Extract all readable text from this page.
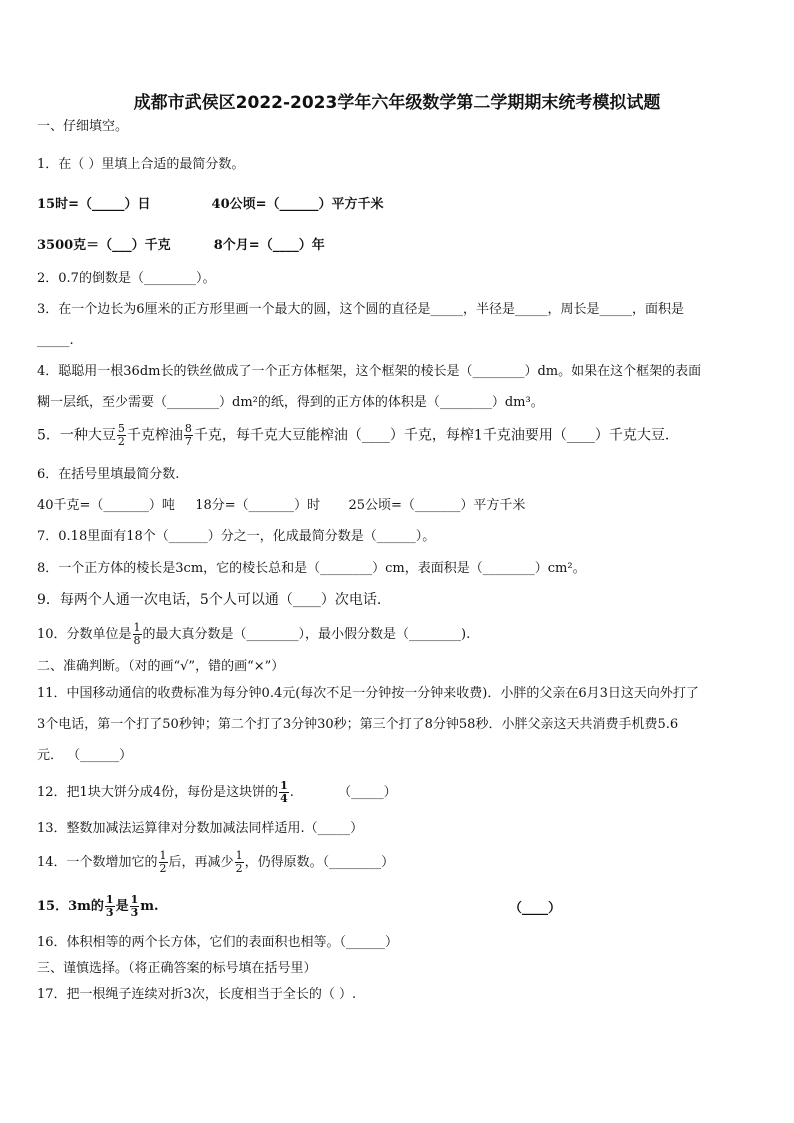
成都市武侯区2022-2023学年六年级数学第二学期期末统考模拟试题
一、仔细填空。
1．在（ ）里填上合适的最简分数。
15时=（_____）日	40公顷=（______）平方千米
3500克＝（___）千克	8个月=（____）年
2．0.7的倒数是（________）。
3．在一个边长为6厘米的正方形里画一个最大的圆，这个圆的直径是_____，半径是_____，周长是_____，面积是
_____.
4．聪聪用一根36dm长的铁丝做成了一个正方体框架，这个框架的棱长是（________）dm。如果在这个框架的表面
糊一层纸，至少需要（________）dm²的纸，得到的正方体的体积是（________）dm³。
5．一种大豆 $\frac{5}{2}$ 千克榨油 $\frac{8}{7}$ 千克，每千克大豆能榨油（____）千克，每榨1千克油要用（____）千克大豆.
6．在括号里填最简分数.
40千克=（_______）吨 18分=（_______）时 25公顷=（_______）平方千米
7．0.18里面有18个（______）分之一，化成最简分数是（______）。
8．一个正方体的棱长是3cm，它的棱长总和是（________）cm，表面积是（________）cm²。
9．每两个人通一次电话，5个人可以通（____）次电话.
10．分数单位是 $\frac{1}{8}$ 的最大真分数是（________），最小假分数是（________).
二、准确判断。（对的画“√”，错的画“×”）
11．中国移动通信的收费标准为每分钟0.4元(每次不足一分钟按一分钟来收费)．小胖的父亲在6月3日这天向外打了
3个电话，第一个打了50秒钟；第二个打了3分钟30秒；第三个打了8分钟58秒．小胖父亲这天共消费手机费5.6
元． （______）
12．把1块大饼分成4份，每份是这块饼的 $\frac{1}{4}$ .	（_____）
13．整数加减法运算律对分数加减法同样适用.（_____）
14．一个数增加它的 $\frac{1}{2}$ 后，再减少 $\frac{1}{2}$ ，仍得原数。（________）
15．3m的 $\frac{1}{3}$ 是 $\frac{1}{3} m$.	（____）
16．体积相等的两个长方体，它们的表面积也相等。（______）
三、谨慎选择。（将正确答案的标号填在括号里）
17．把一根绳子连续对折3次，长度相当于全长的（ ）.
